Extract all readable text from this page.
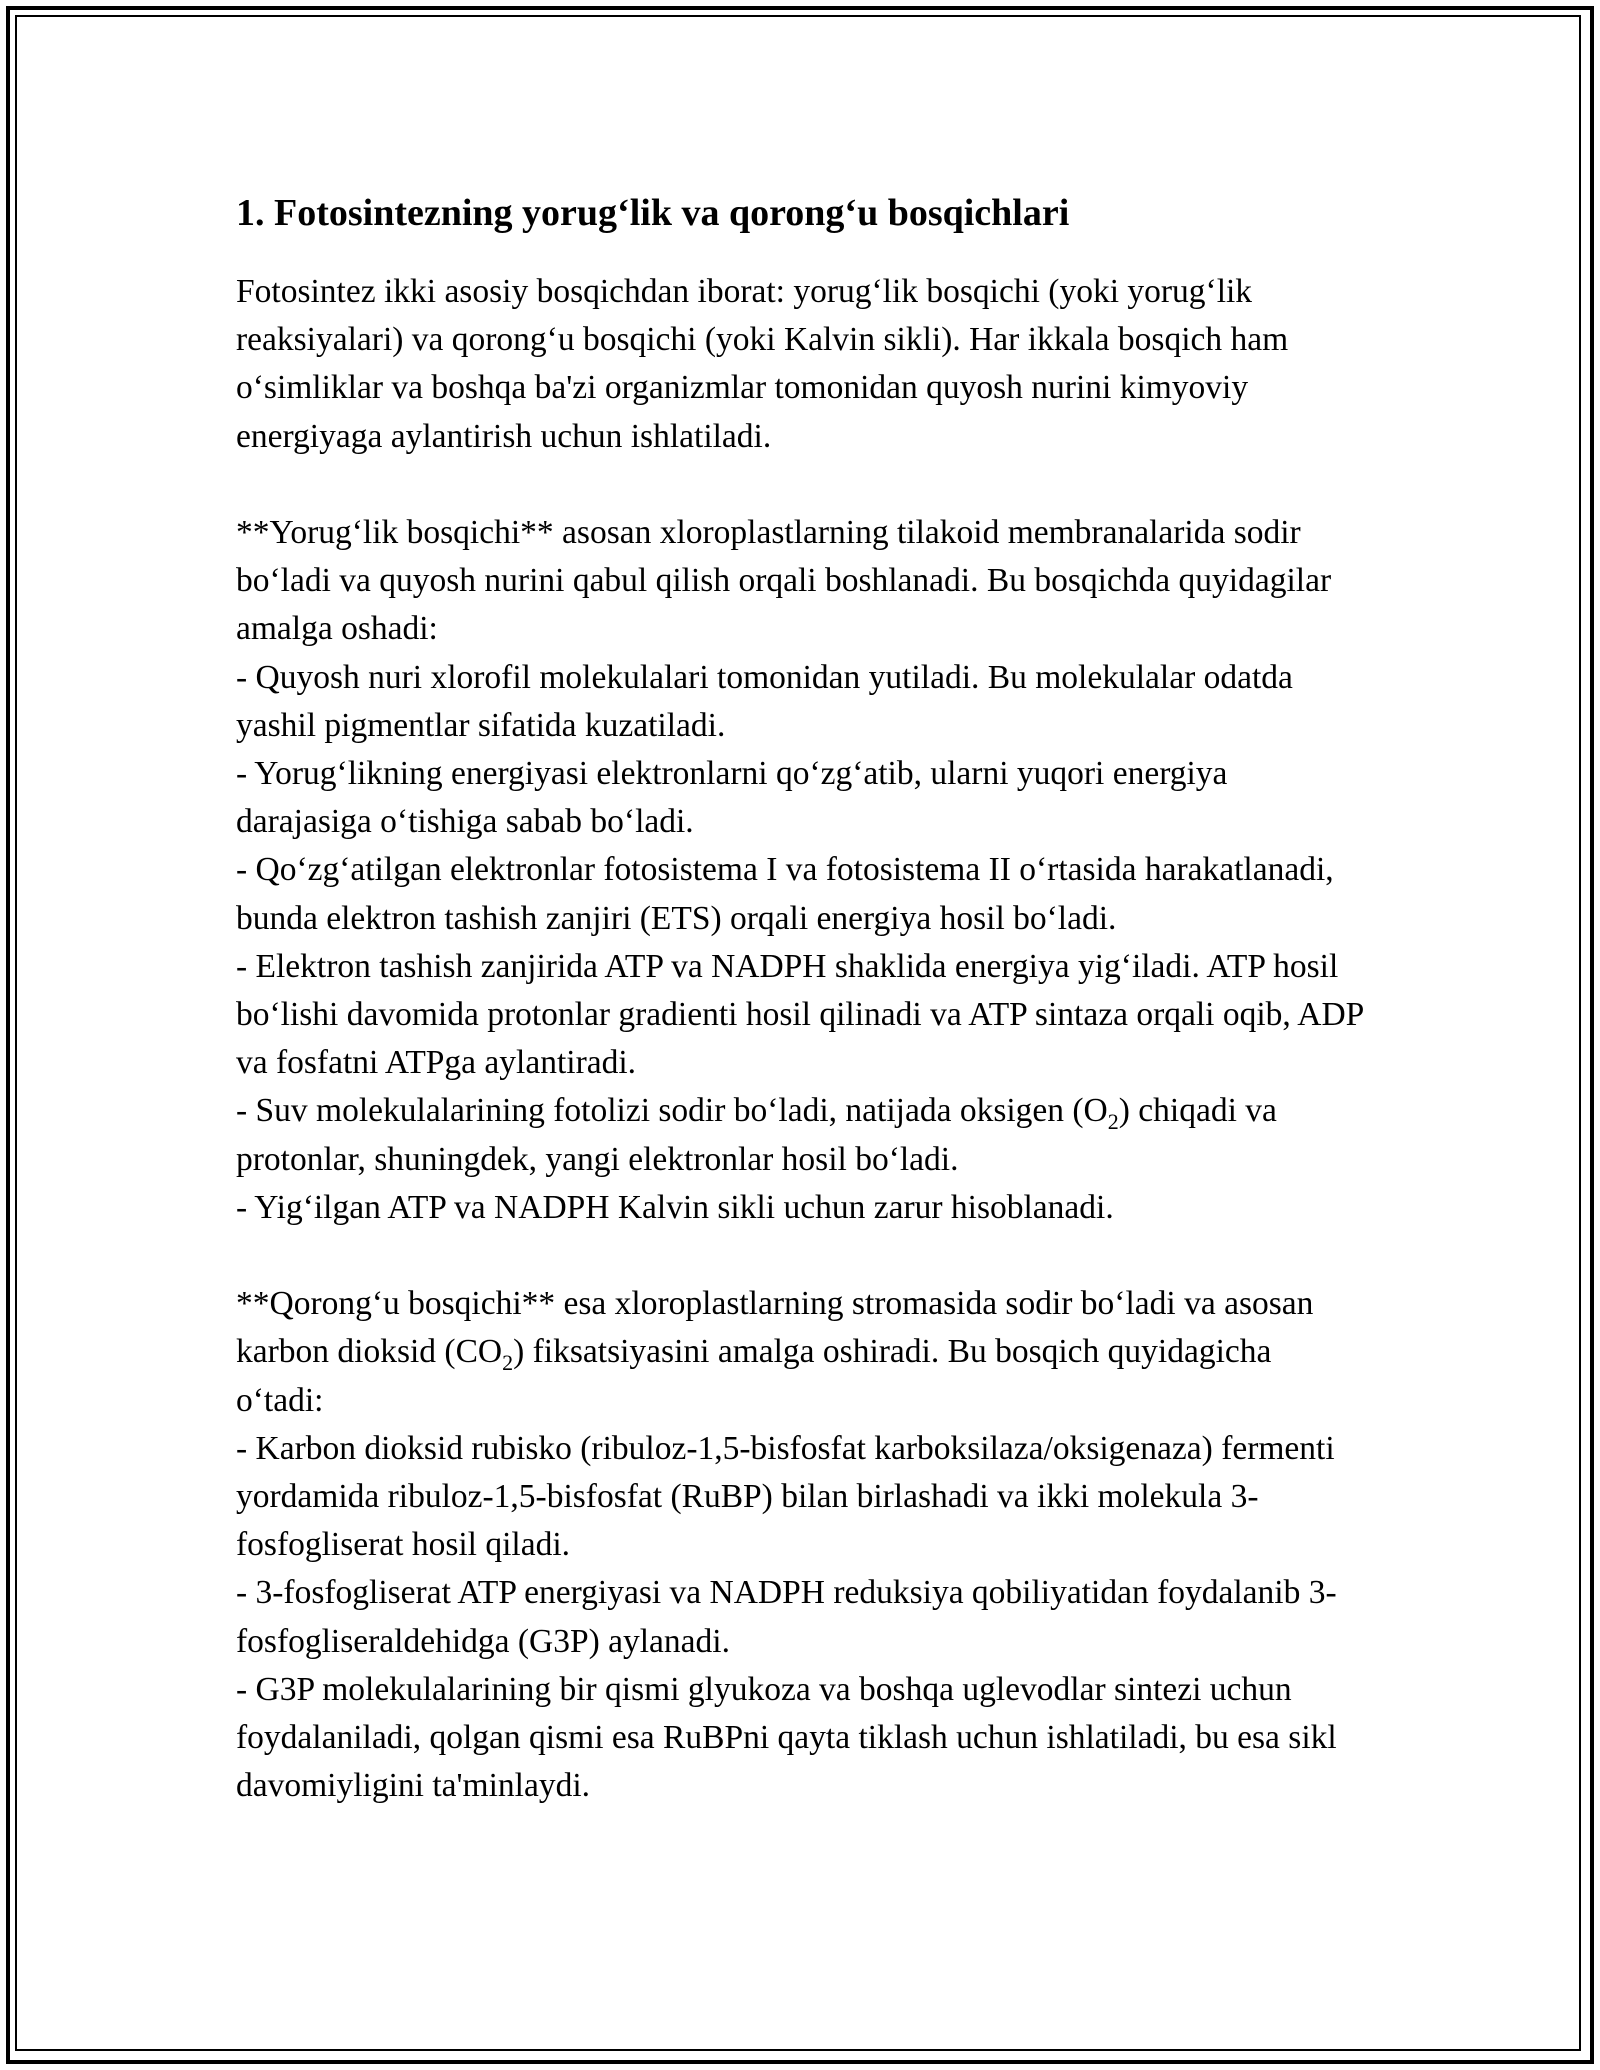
1. Fotosintezning yorug‘lik va qorong‘u bosqichlari

Fotosintez ikki asosiy bosqichdan iborat: yorug‘lik bosqichi (yoki yorug‘lik reaksiyalari) va qorong‘u bosqichi (yoki Kalvin sikli). Har ikkala bosqich ham o‘simliklar va boshqa ba'zi organizmlar tomonidan quyosh nurini kimyoviy energiyaga aylantirish uchun ishlatiladi.

**Yorug‘lik bosqichi** asosan xloroplastlarning tilakoid membranalarida sodir bo‘ladi va quyosh nurini qabul qilish orqali boshlanadi. Bu bosqichda quyidagilar amalga oshadi:

- Quyosh nuri xlorofil molekulalari tomonidan yutiladi. Bu molekulalar odatda yashil pigmentlar sifatida kuzatiladi.

- Yorug‘likning energiyasi elektronlarni qo‘zg‘atib, ularni yuqori energiya darajasiga o‘tishiga sabab bo‘ladi.

- Qo‘zg‘atilgan elektronlar fotosistema I va fotosistema II o‘rtasida harakatlanadi, bunda elektron tashish zanjiri (ETS) orqali energiya hosil bo‘ladi.

- Elektron tashish zanjirida ATP va NADPH shaklida energiya yig‘iladi. ATP hosil bo‘lishi davomida protonlar gradienti hosil qilinadi va ATP sintaza orqali oqib, ADP va fosfatni ATPga aylantiradi.

- Suv molekulalarining fotolizi sodir bo‘ladi, natijada oksigen $(O_2)$ chiqadi va protonlar, shuningdek, yangi elektronlar hosil bo‘ladi.

- Yig‘ilgan ATP va NADPH Kalvin sikli uchun zarur hisoblanadi.

**Qorong‘u bosqichi** esa xloroplastlarning stromasida sodir bo‘ladi va asosan karbon dioksid $(CO_2)$ fiksatsiyasini amalga oshiradi. Bu bosqich quyidagicha o‘tadi:

- Karbon dioksid rubisko (ribuloz-1,5-bisfosfat karboksilaza/oksigenaza) fermenti yordamida ribuloz-1,5-bisfosfat (RuBP) bilan birlashadi va ikki molekula 3-fosfogliserat hosil qiladi.

- 3-fosfogliserat ATP energiyasi va NADPH reduksiya qobiliyatidan foydalanib 3-fosfogliseraldehidga (G3P) aylanadi.

- G3P molekulalarining bir qismi glyukoza va boshqa uglevodlar sintezi uchun foydalaniladi, qolgan qismi esa RuBPni qayta tiklash uchun ishlatiladi, bu esa sikl davomiyligini ta'minlaydi.
